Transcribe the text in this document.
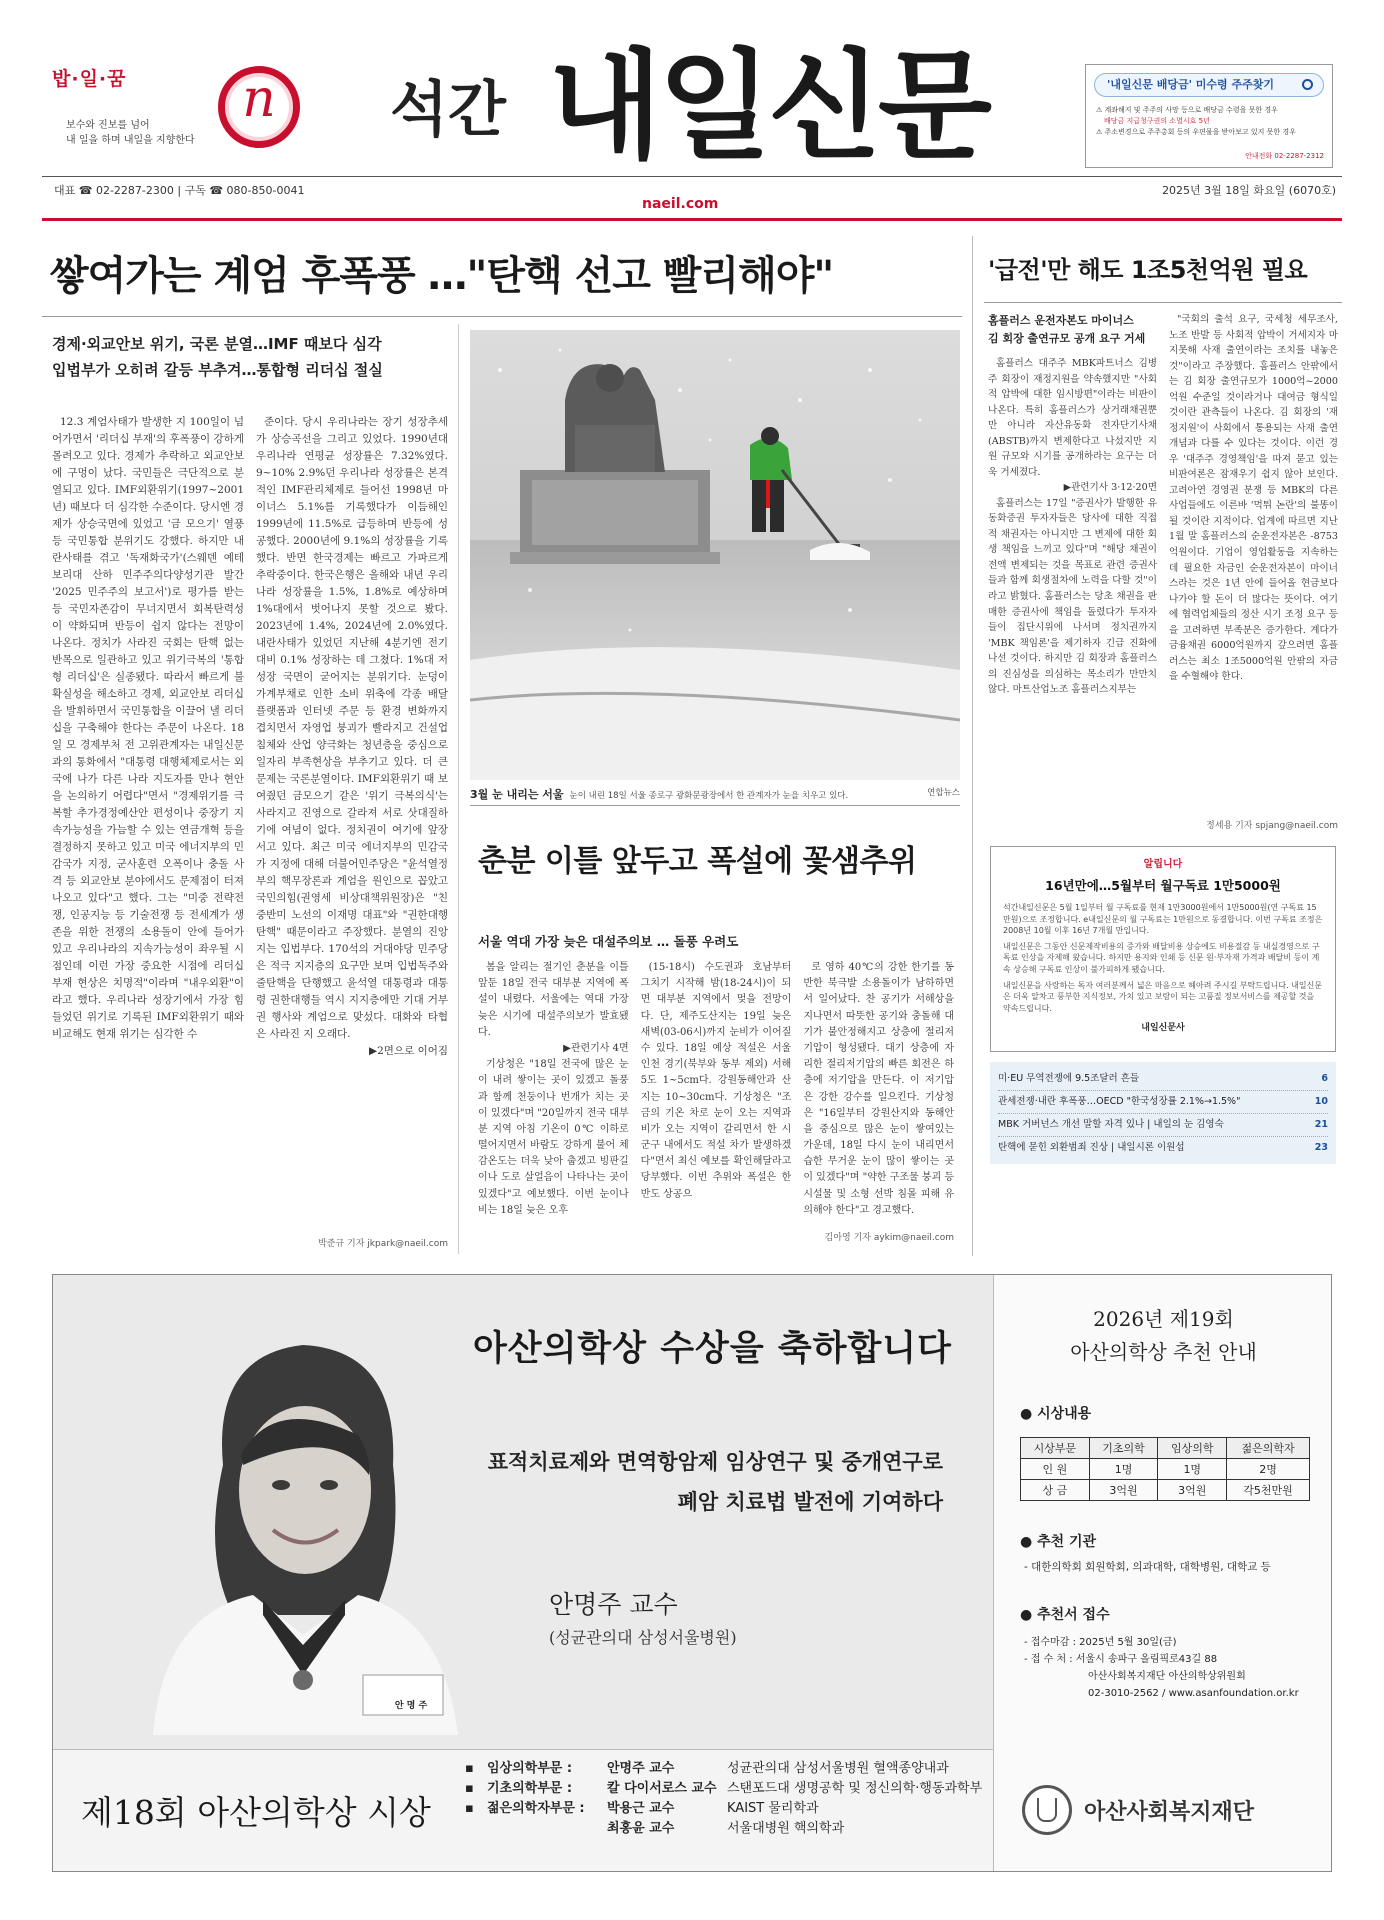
밥·일·꿈
보수와 진보를 넘어
내 일을 하며 내일을 지향한다
n 석간 내일신문	'내일신문 배당금' 미수령 주주찾기
⚠ 계좌해지 및 주주의 사망 등으로 배당금 수령을 못한 경우
배당금 지급청구권의 소멸시효 5년
⚠ 주소변경으로 주주총회 등의 우편물을 받아보고 있지 못한 경우
안내전화 02-2287-2312
대표 ☎ 02-2287-2300 | 구독 ☎ 080-850-0041
naeil.com
2025년 3월 18일 화요일 (6070호)
쌓여가는 계엄 후폭풍 …"탄핵 선고 빨리해야"
경제·외교안보 위기, 국론 분열…IMF 때보다 심각
입법부가 오히려 갈등 부추겨…통합형 리더십 절실

12.3 계엄사태가 발생한 지 100일이 넘어가면서 '리더십 부재'의 후폭풍이 강하게 몰려오고 있다. 경제가 추락하고 외교안보에 구멍이 났다. 국민들은 극단적으로 분열되고 있다. IMF외환위기(1997~2001년) 때보다 더 심각한 수준이다. 당시엔 경제가 상승국면에 있었고 '금 모으기' 열풍 등 국민통합 분위기도 강했다. 하지만 내란사태를 겪고 '독재화국가'(스웨덴 예테보리대 산하 민주주의다양성기관 발간 '2025 민주주의 보고서')로 평가를 받는 등 국민자존감이 무너지면서 회복탄력성이 약화되며 반등이 쉽지 않다는 전망이 나온다. 정치가 사라진 국회는 탄핵 없는 반목으로 일관하고 있고 위기극복의 '통합형 리더십'은 실종됐다. 따라서 빠르게 불확실성을 해소하고 경제, 외교안보 리더십을 발휘하면서 국민통합을 이끌어 낼 리더십을 구축해야 한다는 주문이 나온다. 18일 모 경제부처 전 고위관계자는 내일신문과의 통화에서 "대통령 대행체제로서는 외국에 나가 다른 나라 지도자를 만나 현안을 논의하기 어렵다"면서 "경제위기를 극복할 추가경정예산안 편성이나 중장기 지속가능성을 가늠할 수 있는 연금개혁 등을 결정하지 못하고 있고 미국 에너지부의 민감국가 지정, 군사훈련 오폭이나 충돌 사격 등 외교안보 분야에서도 문제점이 터져 나오고 있다"고 했다. 그는 "미중 전략전쟁, 인공지능 등 기술전쟁 등 전세계가 생존을 위한 전쟁의 소용돌이 안에 들어가 있고 우리나라의 지속가능성이 좌우될 시점인데 이런 가장 중요한 시점에 리더십 부재 현상은 치명적"이라며 "내우외환"이라고 했다. 우리나라 성장기에서 가장 힘들었던 위기로 기록된 IMF외환위기 때와 비교해도 현재 위기는 심각한 수

준이다. 당시 우리나라는 장기 성장추세가 상승곡선을 그리고 있었다. 1990년대 우리나라 연평균 성장률은 7.32%였다. 9~10% 2.9%던 우리나라 성장률은 본격적인 IMF관리체제로 들어선 1998년 마이너스 5.1%를 기록했다가 이듬해인 1999년에 11.5%로 급등하며 반등에 성공했다. 2000년에 9.1%의 성장률을 기록했다. 반면 한국경제는 빠르고 가파르게 추락중이다. 한국은행은 올해와 내년 우리나라 성장률을 1.5%, 1.8%로 예상하며 1%대에서 벗어나지 못할 것으로 봤다. 2023년에 1.4%, 2024년에 2.0%였다. 내란사태가 있었던 지난해 4분기엔 전기 대비 0.1% 성장하는 데 그쳤다. 1%대 저성장 국면이 굳어지는 분위기다. 눈덩이 가계부채로 인한 소비 위축에 각종 배달 플랫폼과 인터넷 주문 등 환경 변화까지 겹치면서 자영업 붕괴가 빨라지고 건설업 침체와 산업 양극화는 청년층을 중심으로 일자리 부족현상을 부추기고 있다. 더 큰 문제는 국론분열이다. IMF외환위기 때 보여줬던 금모으기 같은 '위기 극복의식'는 사라지고 진영으로 갈라져 서로 삿대질하기에 여념이 없다. 정치권이 여기에 앞장서고 있다. 최근 미국 에너지부의 민감국가 지정에 대해 더불어민주당은 "윤석열정부의 핵무장론과 계엄을 원인으로 꼽았고 국민의힘(권영세 비상대책위원장)은 "친중반미 노선의 이재명 대표"와 "권한대행 탄핵" 때문이라고 주장했다. 분열의 진앙지는 입법부다. 170석의 거대야당 민주당은 적극 지지층의 요구만 보며 입법독주와 줄탄핵을 단행했고 윤석열 대통령과 대통령 권한대행들 역시 지지층에만 기대 거부권 행사와 계엄으로 맞섰다. 대화와 타협은 사라진 지 오래다.

▶2면으로 이어짐
박준규 기자 jkpark@naeil.com
3월 눈 내리는 서울 눈이 내린 18일 서울 종로구 광화문광장에서 한 관계자가 눈을 치우고 있다.	연합뉴스
춘분 이틀 앞두고 폭설에 꽃샘추위
서울 역대 가장 늦은 대설주의보 … 돌풍 우려도

봄을 알리는 절기인 춘분을 이틀 앞둔 18일 전국 대부분 지역에 폭설이 내렸다. 서울에는 역대 가장 늦은 시기에 대설주의보가 발효됐다.

▶관련기사 4면

기상청은 "18일 전국에 많은 눈이 내려 쌓이는 곳이 있겠고 돌풍과 함께 천둥이나 번개가 치는 곳이 있겠다"며 "20일까지 전국 대부분 지역 아침 기온이 0℃ 이하로 떨어지면서 바람도 강하게 불어 체감온도는 더욱 낮아 춥겠고 빙판길이나 도로 살얼음이 나타나는 곳이 있겠다"고 예보했다. 이번 눈이나 비는 18일 늦은 오후

(15-18시) 수도권과 호남부터 그치기 시작해 밤(18-24시)이 되면 대부분 지역에서 멎을 전망이다. 단, 제주도산지는 19일 늦은 새벽(03-06시)까지 눈비가 이어질 수 있다. 18일 예상 적설은 서울 인천 경기(북부와 동부 제외) 서해5도 1~5cm다. 강원동해안과 산지는 10~30cm다. 기상청은 "조금의 기온 차로 눈이 오는 지역과 비가 오는 지역이 갈리면서 한 시군구 내에서도 적설 차가 발생하겠다"면서 최신 예보를 확인해달라고 당부했다. 이번 추위와 폭설은 한반도 상공으

로 영하 40℃의 강한 한기를 동반한 북극발 소용돌이가 남하하면서 일어났다. 찬 공기가 서해상을 지나면서 따뜻한 공기와 충돌해 대기가 불안정해지고 상층에 절리저기압이 형성됐다. 대기 상층에 자리한 절리저기압의 빠른 회전은 하층에 저기압을 만든다. 이 저기압은 강한 강수를 일으킨다. 기상청은 "16일부터 강원산지와 동해안을 중심으로 많은 눈이 쌓여있는 가운데, 18일 다시 눈이 내리면서 습한 무거운 눈이 많이 쌓이는 곳이 있겠다"며 "약한 구조물 붕괴 등 시설물 및 소형 선박 침몰 피해 유의해야 한다"고 경고했다.

김아영 기자 aykim@naeil.com
'급전'만 해도 1조5천억원 필요
홈플러스 운전자본도 마이너스
김 회장 출연규모 공개 요구 거세

홈플러스 대주주 MBK파트너스 김병주 회장이 재정지원을 약속했지만 "사회적 압박에 대한 임시방편"이라는 비판이 나온다. 특히 홈플러스가 상거래채권뿐만 아니라 자산유동화 전자단기사채(ABSTB)까지 변제한다고 나섰지만 지원 규모와 시기를 공개하라는 요구는 더욱 거세졌다.

▶관련기사 3·12·20면

홈플러스는 17일 "증권사가 발행한 유동화증권 투자자들은 당사에 대한 직접적 채권자는 아니지만 그 변제에 대한 회생 책임을 느끼고 있다"며 "해당 채권이 전액 변제되는 것을 목표로 관련 증권사들과 함께 회생절차에 노력을 다할 것"이라고 밝혔다. 홈플러스는 당초 채권을 판매한 증권사에 책임을 돌렸다가 투자자들이 집단시위에 나서며 정치권까지 'MBK 책임론'을 제기하자 긴급 진화에 나선 것이다. 하지만 김 회장과 홈플러스의 진심성을 의심하는 목소리가 만만치 않다. 마트산업노조 홈플러스지부는

"국회의 출석 요구, 국세청 세무조사, 노조 반발 등 사회적 압박이 거세지자 마지못해 사재 출연이라는 조치를 내놓은 것"이라고 주장했다. 홈플러스 안팎에서는 김 회장 출연규모가 1000억~2000억원 수준일 것이라거나 대여금 형식일 것이란 관측들이 나온다. 김 회장의 '재정지원'이 사회에서 통용되는 사재 출연 개념과 다를 수 있다는 것이다. 이런 경우 '대주주 경영책임'을 따져 묻고 있는 비판여론은 잠재우기 쉽지 않아 보인다. 고려아연 경영권 분쟁 등 MBK의 다른 사업들에도 이른바 '먹튀 논란'의 불똥이 될 것이란 지적이다. 업계에 따르면 지난 1월 말 홈플러스의 순운전자본은 -8753억원이다. 기업이 영업활동을 지속하는 데 필요한 자금인 순운전자본이 마이너스라는 것은 1년 안에 들어올 현금보다 나가야 할 돈이 더 많다는 뜻이다. 여기에 협력업체들의 정산 시기 조정 요구 등을 고려하면 부족분은 증가한다. 계다가 금융채권 6000억원까지 갚으려면 홈플러스는 최소 1조5000억원 안팎의 자금을 수혈해야 한다.

정세용 기자 spjang@naeil.com
알립니다
16년만에…5월부터 월구독료 1만5000원

석간내일신문은 5월 1일부터 월 구독료를 현재 1만3000원에서 1만5000원(연 구독료 15만원)으로 조정합니다. e내일신문의 월 구독료는 1만원으로 동결합니다. 이번 구독료 조정은 2008년 10월 이후 16년 7개월 만입니다.

내일신문은 그동안 신문제작비용의 증가와 배달비용 상승에도 비용절감 등 내실경영으로 구독료 인상을 자제해 왔습니다. 하지만 용지와 인쇄 등 신문 원·부자재 가격과 배달비 등이 계속 상승해 구독료 인상이 불가피하게 됐습니다.

내일신문을 사랑하는 독자 여러분께서 넓은 마음으로 헤아려 주시길 부탁드립니다. 내일신문은 더욱 알차고 풍부한 지식정보, 가치 있고 보람이 되는 고품질 정보서비스를 제공할 것을 약속드립니다.

내일신문사
미·EU 무역전쟁에 9.5조달러 흔들	6
관세전쟁·내란 후폭풍…OECD "한국성장률 2.1%→1.5%"	10
MBK 거버넌스 개선 말할 자격 있나 | 내일의 눈 김영숙	21
탄핵에 묻힌 외환범죄 진상 | 내일시론 이원섭	23
안 명 주
아산의학상 수상을 축하합니다
표적치료제와 면역항암제 임상연구 및 중개연구로
폐암 치료법 발전에 기여하다
안명주 교수
(성균관의대 삼성서울병원)
제18회 아산의학상 시상
▪	임상의학부문 :	안명주 교수	성균관의대 삼성서울병원 혈액종양내과
▪	기초의학부문 :	칼 다이서로스 교수 스탠포드대 생명공학 및 정신의학·행동과학부
▪	젊은의학자부문 :	박용근 교수	KAIST 물리학과
최홍윤 교수	서울대병원 핵의학과
2026년 제19회
아산의학상 추천 안내
● 시상내용
시상부문	기초의학	임상의학	젊은의학자
인 원	1명	1명	2명
상 금	3억원	3억원	각5천만원
● 추천 기관
- 대한의학회 회원학회, 의과대학, 대학병원, 대학교 등
● 추천서 접수
- 접수마감 : 2025년 5월 30일(금)
- 접 수 처 : 서울시 송파구 올림픽로43길 88
아산사회복지재단 아산의학상위원회
02-3010-2562 / www.asanfoundation.or.kr
아산사회복지재단
